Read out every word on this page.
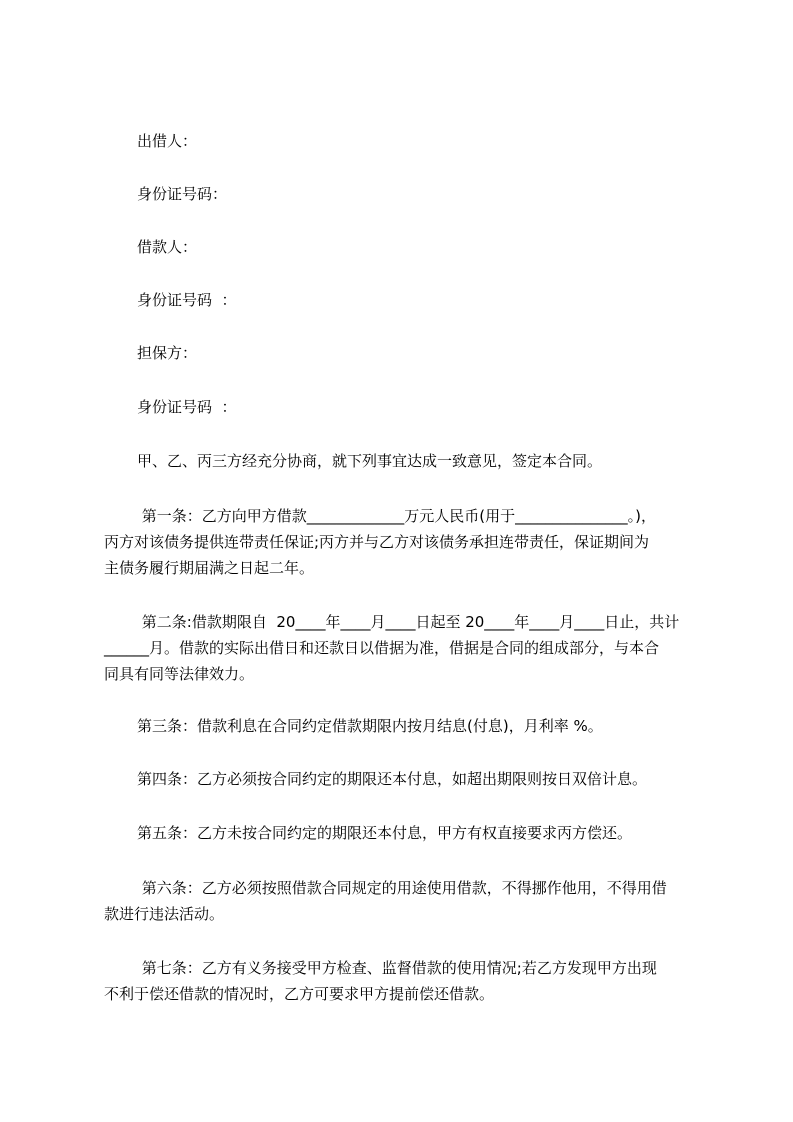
出借人：
身份证号码：
借款人：
身份证号码  ：
担保方：
身份证号码  ：
甲、乙、丙三方经充分协商，就下列事宜达成一致意见，签定本合同。
第一条：乙方向甲方借款_____________万元人民币(用于_______________。)，
丙方对该债务提供连带责任保证;丙方并与乙方对该债务承担连带责任，保证期间为
主债务履行期届满之日起二年。
第二条:借款期限自  20____年____月____日起至 20____年____月____日止，共计
______月。借款的实际出借日和还款日以借据为准，借据是合同的组成部分，与本合
同具有同等法律效力。
第三条：借款利息在合同约定借款期限内按月结息(付息)，月利率 %。
第四条：乙方必须按合同约定的期限还本付息，如超出期限则按日双倍计息。
第五条：乙方未按合同约定的期限还本付息，甲方有权直接要求丙方偿还。
第六条：乙方必须按照借款合同规定的用途使用借款，不得挪作他用，不得用借
款进行违法活动。
第七条：乙方有义务接受甲方检查、监督借款的使用情况;若乙方发现甲方出现
不利于偿还借款的情况时，乙方可要求甲方提前偿还借款。
